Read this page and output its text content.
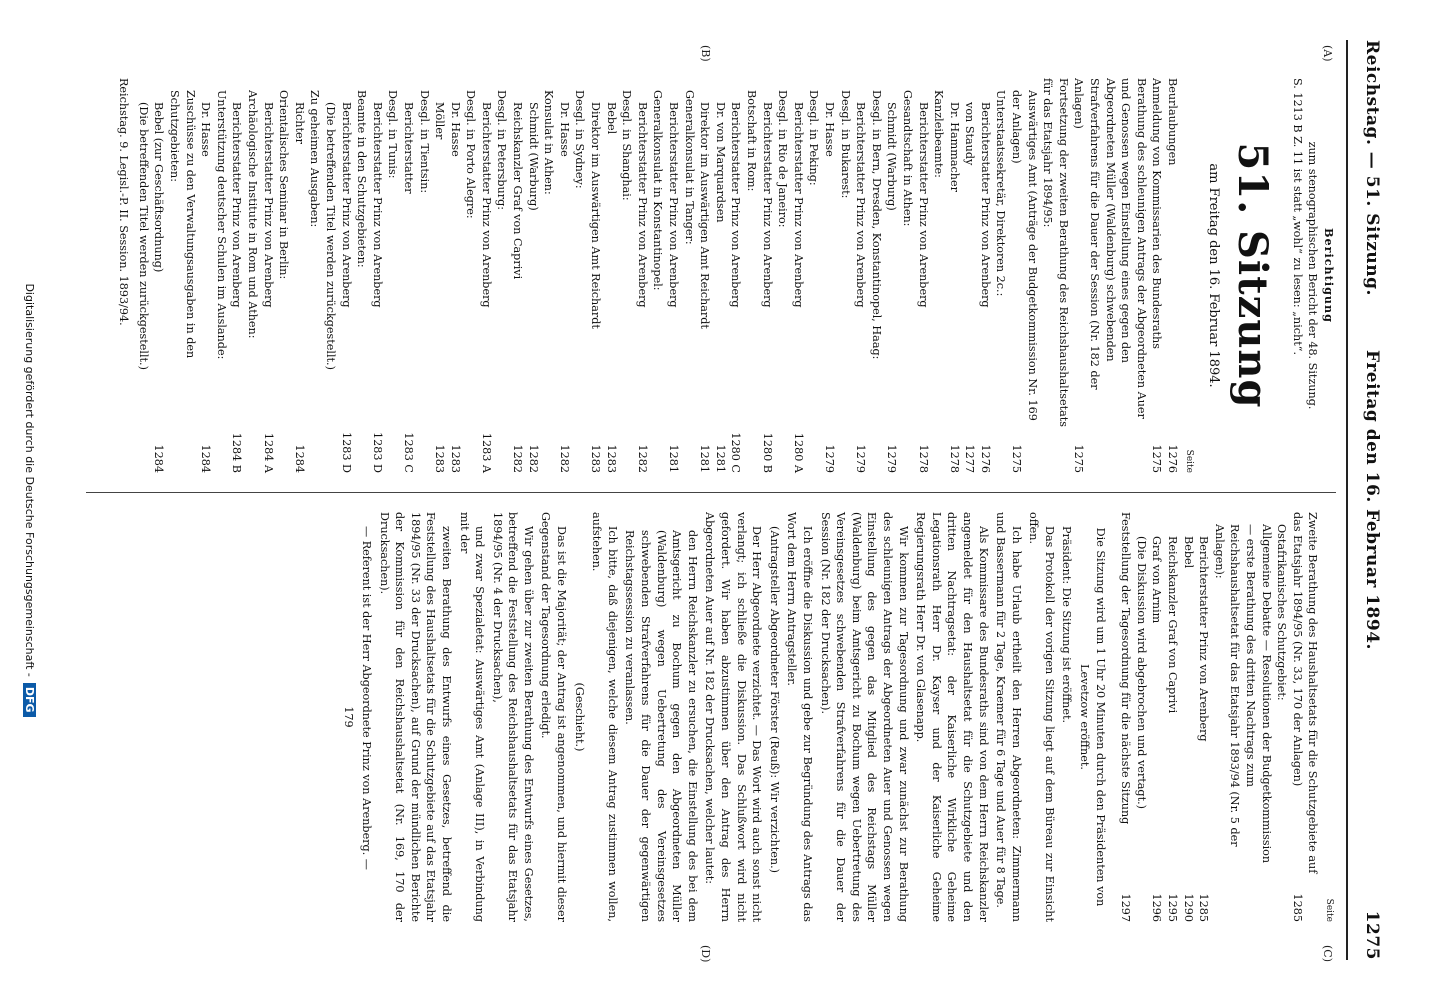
Reichstag. — 51. Sitzung.
Freitag den 16. Februar 1894.
1275
(A)
(B)
(C)
(D)
Berichtigung
zum stenographischen Bericht der 48. Sitzung.
S. 1213 B Z. 11 ist statt „wohl“ zu lesen: „nicht“.
51. Sitzung
am Freitag den 16. Februar 1894.
	Seite
Beurlaubungen	1276
Anmeldung von Kommissarien des Bundesraths	1275
Berathung des schleunigen Antrags der Abgeordneten Auer und Genossen wegen Einstellung eines gegen den Abgeordneten Müller (Waldenburg) schwebenden Strafverfahrens für die Dauer der Session (Nr. 182 der Anlagen)	1275
Fortsetzung der zweiten Berathung des Reichshaushaltsetats für das Etatsjahr 1894/95:	
Auswärtiges Amt (Anträge der Budgetkommission Nr. 169 der Anlagen)	1275
Unterstaatssekretär, Direktoren 2c.:	
Berichterstatter Prinz von Arenberg	1276
von Staudy	1277
Dr. Hammacher	1278
Kanzleibeamte:	
Berichterstatter Prinz von Arenberg	1278
Gesandtschaft in Athen:	
Schmidt (Warburg)	1279
Desgl. in Bern, Dresden, Konstantinopel, Haag:	
Berichterstatter Prinz von Arenberg	1279
Desgl. in Bukarest:	
Dr. Hasse	1279
Desgl. in Peking:	
Berichterstatter Prinz von Arenberg	1280 A
Desgl. in Rio de Janeiro:	
Berichterstatter Prinz von Arenberg	1280 B
Botschaft in Rom:	
Berichterstatter Prinz von Arenberg	1280 C
Dr. von Marquardsen	1281
Direktor im Auswärtigen Amt Reichardt	1281
Generalkonsulat in Tanger:	
Berichterstatter Prinz von Arenberg	1281
Generalkonsulat in Konstantinopel:	
Berichterstatter Prinz von Arenberg	1282
Desgl. in Shanghai:	
Bebel	1283
Direktor im Auswärtigen Amt Reichardt	1283
Desgl. in Sydney:	
Dr. Hasse	1282
Konsulat in Athen:	
Schmidt (Warburg)	1282
Reichskanzler Graf von Caprivi	1282
Desgl. in Petersburg:	
Berichterstatter Prinz von Arenberg	1283 A
Desgl. in Porto Alegre:	
Dr. Hasse	1283
Möller	1283
Desgl. in Tientsin:	
Berichterstatter	1283 C
Desgl. in Tunis:	
Berichterstatter Prinz von Arenberg	1283 D
Beamte in den Schutzgebieten:	
Berichterstatter Prinz von Arenberg	1283 D
(Die betreffenden Titel werden zurückgestellt.)	
Zu geheimen Ausgaben:	
Richter	1284
Orientalisches Seminar in Berlin:	
Berichterstatter Prinz von Arenberg	1284 A
Archäologische Institute in Rom und Athen:	
Berichterstatter Prinz von Arenberg	1284 B
Unterstützung deutscher Schulen im Auslande:	
Dr. Hasse	1284
Zuschüsse zu den Verwaltungsausgaben in den Schutzgebieten:	
Bebel (zur Geschäftsordnung)	1284
(Die betreffenden Titel werden zurückgestellt.)	
Reichstag. 9. Legisl.-P. II. Session. 1893/94.
	Seite
Zweite Berathung des Haushaltsetats für die Schutzgebiete auf das Etatsjahr 1894/95 (Nr. 33, 170 der Anlagen)	1285
Ostafrikanisches Schutzgebiet:	
Allgemeine Debatte — Resolutionen der Budgetkommission — erste Berathung des dritten Nachtrags zum Reichshaushaltsetat für das Etatsjahr 1893/94 (Nr. 5 der Anlagen):	
Berichterstatter Prinz von Arenberg	1285
Bebel	1290
Reichskanzler Graf von Caprivi	1295
Graf von Arnim	1296
(Die Diskussion wird abgebrochen und vertagt.)	
Feststellung der Tagesordnung für die nächste Sitzung	1297

Die Sitzung wird um 1 Uhr 20 Minuten durch den Präsidenten von Levetzow eröffnet.

Präsident: Die Sitzung ist eröffnet.

Das Protokoll der vorigen Sitzung liegt auf dem Büreau zur Einsicht offen.

Ich habe Urlaub ertheilt den Herren Abgeordneten: Zimmermann und Bassermann für 2 Tage, Kraemer für 6 Tage und Auer für 8 Tage.

Als Kommissare des Bundesraths sind von dem Herrn Reichskanzler angemeldet für den Haushaltsetat für die Schutzgebiete und den dritten Nachtragsetat: der Kaiserliche Wirkliche Geheime Legationsrath Herr Dr. Kayser und der Kaiserliche Geheime Regierungsrath Herr Dr. von Glasenapp.

Wir kommen zur Tagesordnung und zwar zunächst zur Berathung des schleunigen Antrags der Abgeordneten Auer und Genossen wegen Einstellung des gegen das Mitglied des Reichstags Müller (Waldenburg) beim Amtsgericht zu Bochum wegen Uebertretung des Vereinsgesetzes schwebenden Strafverfahrens für die Dauer der Session (Nr. 182 der Drucksachen).

Ich eröffne die Diskussion und gebe zur Begründung des Antrags das Wort dem Herrn Antragsteller.

(Antragsteller Abgeordneter Förster (Reuß): Wir verzichten.)

Der Herr Abgeordnete verzichtet. — Das Wort wird auch sonst nicht verlangt; ich schließe die Diskussion. Das Schlußwort wird nicht gefordert. Wir haben abzustimmen über den Antrag des Herrn Abgeordneten Auer auf Nr. 182 der Drucksachen, welcher lautet:

den Herrn Reichskanzler zu ersuchen, die Einstellung des bei dem Amtsgericht zu Bochum gegen den Abgeordneten Müller (Waldenburg) wegen Uebertretung des Vereinsgesetzes schwebenden Strafverfahrens für die Dauer der gegenwärtigen Reichstagssession zu veranlassen.

Ich bitte, daß diejenigen, welche diesem Antrag zustimmen wollen, aufstehen.

(Geschieht.)

Das ist die Majorität; der Antrag ist angenommen, und hiermit dieser Gegenstand der Tagesordnung erledigt.

Wir gehen über zur zweiten Berathung des Entwurfs eines Gesetzes, betreffend die Feststellung des Reichshaushaltsetats für das Etatsjahr 1894/95 (Nr. 4 der Drucksachen),

und zwar Spezialetat: Auswärtiges Amt (Anlage III), in Verbindung mit der

zweiten Berathung des Entwurfs eines Gesetzes, betreffend die Feststellung des Haushaltsetats für die Schutzgebiete auf das Etatsjahr 1894/95 (Nr. 33 der Drucksachen), auf Grund der mündlichen Berichte der Kommission für den Reichshaushaltsetat (Nr. 169, 170 der Drucksachen).

— Referent ist der Herr Abgeordnete Prinz von Arenberg. —

179

Digitalisierung gefördert durch die Deutsche Forschungsgemeinschaft -DFG
